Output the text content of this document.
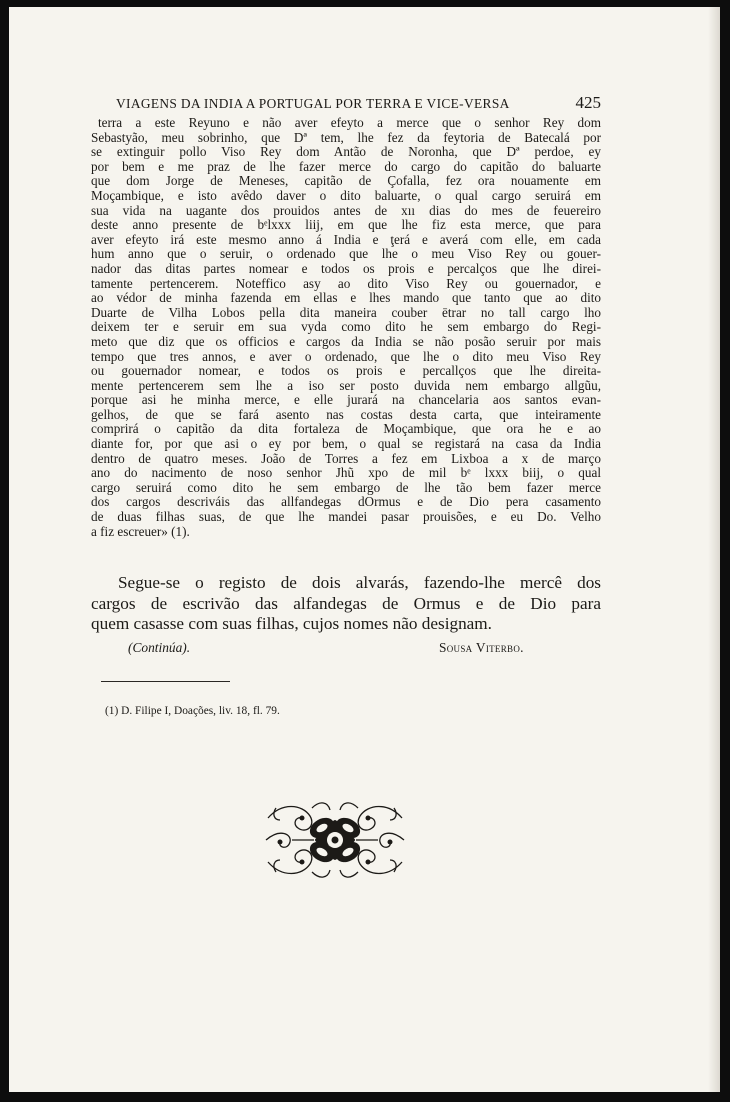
VIAGENS DA INDIA A PORTUGAL POR TERRA E VICE-VERSA	425
terra a este Reyuno e não aver efeyto a merce que o senhor Rey dom
Sebastyão, meu sobrinho, que Dª tem, lhe fez da feytoria de Batecalá por
se extinguir pollo Viso Rey dom Antão de Noronha, que Dª perdoe, ey
por bem e me praz de lhe fazer merce do cargo do capitão do baluarte
que dom Jorge de Meneses, capitão de Çofalla, fez ora nouamente em
Moçambique, e isto avêdo daver o dito baluarte, o qual cargo seruirá em
sua vida na uagante dos prouidos antes de xıı dias do mes de feuereiro
deste anno presente de bᵉlxxx liij, em que lhe fiz esta merce, que para
aver efeyto irá este mesmo anno á India e ţerá e averá com elle, em cada
hum anno que o seruir, o ordenado que lhe o meu Viso Rey ou gouer-
nador das ditas partes nomear e todos os prois e percalços que lhe direi-
tamente pertencerem. Noteffico asy ao dito Viso Rey ou gouernador, e
ao védor de minha fazenda em ellas e lhes mando que tanto que ao dito
Duarte de Vilha Lobos pella dita maneira couber ētrar no tall cargo lho
deixem ter e seruir em sua vyda como dito he sem embargo do Regi-
meto que diz que os officios e cargos da India se não posão seruir por mais
tempo que tres annos, e aver o ordenado, que lhe o dito meu Viso Rey
ou gouernador nomear, e todos os prois e percallços que lhe direita-
mente pertencerem sem lhe a iso ser posto duvida nem embargo allgũu,
porque asi he minha merce, e elle jurará na chancelaria aos santos evan-
gelhos, de que se fará asento nas costas desta carta, que inteiramente
comprirá o capitão da dita fortaleza de Moçambique, que ora he e ao
diante for, por que asi o ey por bem, o qual se registará na casa da India
dentro de quatro meses. João de Torres a fez em Lixboa a x de março
ano do nacimento de noso senhor Jhũ xpo de mil bᵉ lxxx biij, o qual
cargo seruirá como dito he sem embargo de lhe tão bem fazer merce
dos cargos descriváis das allfandegas dOrmus e de Dio pera casamento
de duas filhas suas, de que lhe mandei pasar prouisões, e eu Do. Velho
a fiz escreuer» (1).
Segue-se o registo de dois alvarás, fazendo-lhe mercê dos
cargos de escrivão das alfandegas de Ormus e de Dio para
quem casasse com suas filhas, cujos nomes não designam.
(Continúa).	Sousa Viterbo.
(1) D. Filipe I, Doações, liv. 18, fl. 79.
